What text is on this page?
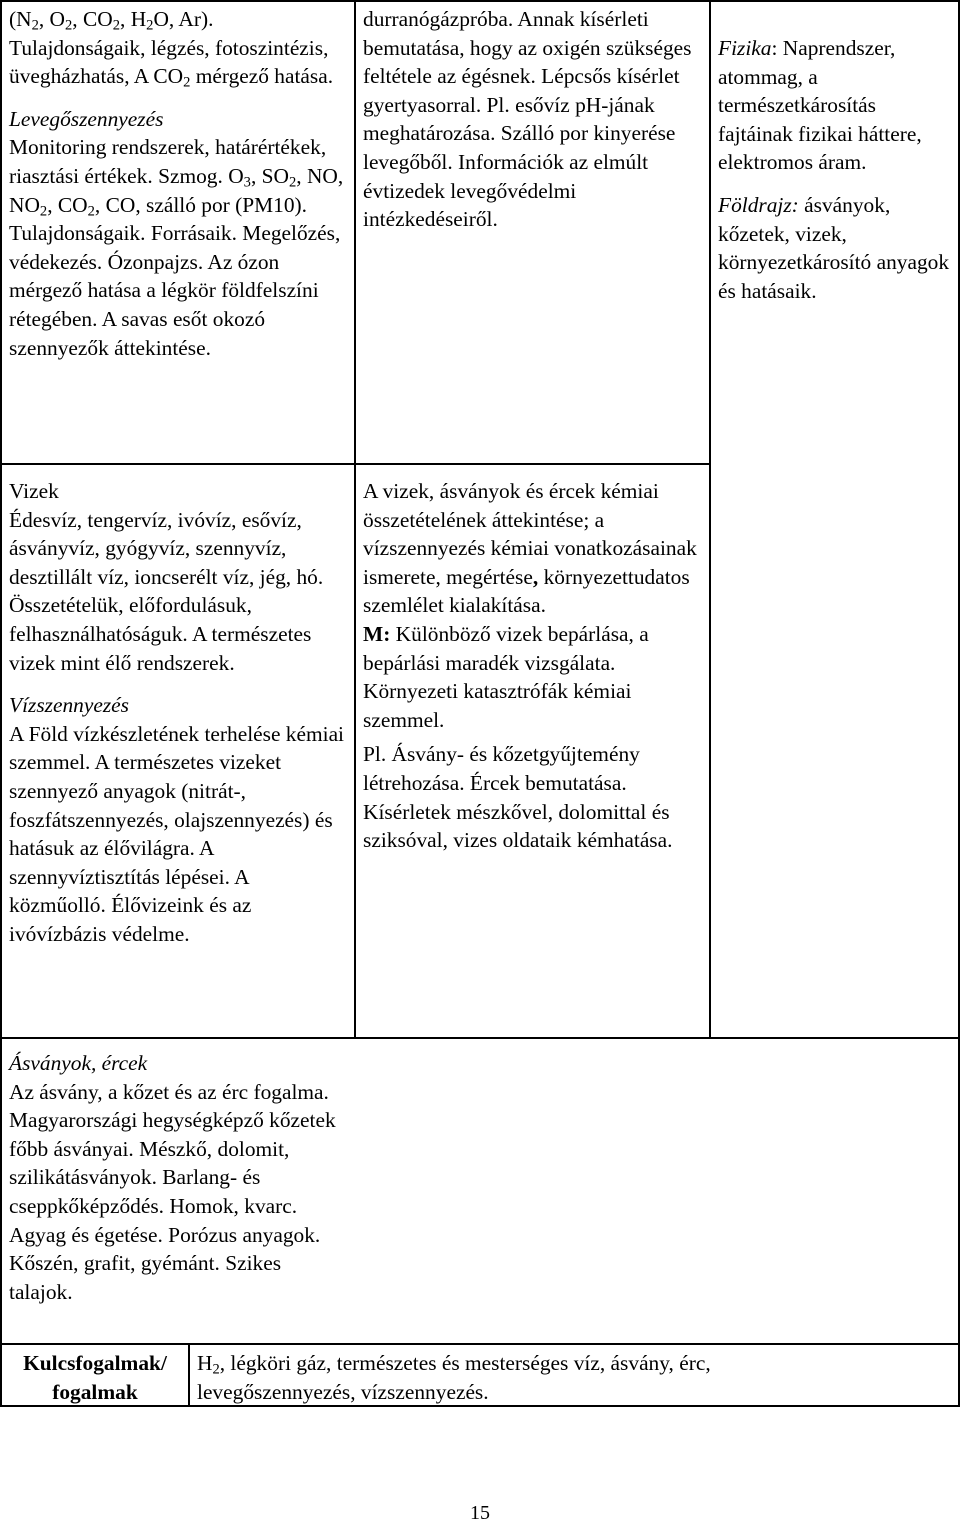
($N_2$, $O_2$, $CO_2$, $H_2O$, Ar). Tulajdonságaik, légzés, fotoszintézis, üvegházhatás, A $CO_2$ mérgező hatása.

Levegőszennyezés

Monitoring rendszerek, határértékek, riasztási értékek. Szmog. $O_3$, $SO_2$, NO, $NO_2$, $CO_2$, CO, szálló por (PM10). Tulajdonságaik. Forrásaik. Megelőzés, védekezés. Ózonpajzs. Az ózon mérgező hatása a légkör földfelszíni rétegében. A savas esőt okozó szennyezők áttekintése.

Vizek

Édesvíz, tengervíz, ivóvíz, esővíz, ásványvíz, gyógyvíz, szennyvíz, desztillált víz, ioncserélt víz, jég, hó. Összetételük, előfordulásuk, felhasználhatóságuk. A természetes vizek mint élő rendszerek.

Vízszennyezés

A Föld vízkészletének terhelése kémiai szemmel. A természetes vizeket szennyező anyagok (nitrát-, foszfátszennyezés, olajszennyezés) és hatásuk az élővilágra. A szennyvíztisztítás lépései. A közműolló. Élővizeink és az ivóvízbázis védelme.

Ásványok, ércek

Az ásvány, a kőzet és az érc fogalma. Magyarországi hegységképző kőzetek főbb ásványai. Mészkő, dolomit, szilikátásványok. Barlang- és cseppkőképződés. Homok, kvarc. Agyag és égetése. Porózus anyagok. Kőszén, grafit, gyémánt. Szikes talajok.

durranógázpróba. Annak kísérleti bemutatása, hogy az oxigén szükséges feltétele az égésnek. Lépcsős kísérlet gyertyasorral. Pl. esővíz pH-jának meghatározása. Szálló por kinyerése levegőből. Információk az elmúlt évtizedek levegővédelmi intézkedéseiről.

A vizek, ásványok és ércek kémiai összetételének áttekintése; a vízszennyezés kémiai vonatkozásainak ismerete, megértése, környezettudatos szemlélet kialakítása.

M: Különböző vizek bepárlása, a bepárlási maradék vizsgálata. Környezeti katasztrófák kémiai szemmel.

Pl. Ásvány- és kőzetgyűjtemény létrehozása. Ércek bemutatása. Kísérletek mészkővel, dolomittal és sziksóval, vizes oldataik kémhatása.

Fizika: Naprendszer, atommag, a természetkárosítás fajtáinak fizikai háttere, elektromos áram.

Földrajz: ásványok, kőzetek, vizek, környezetkárosító anyagok és hatásaik.

Kulcsfogalmak/
fogalmak
$H_2$, légköri gáz, természetes és mesterséges víz, ásvány, érc, levegőszennyezés, vízszennyezés.
15
